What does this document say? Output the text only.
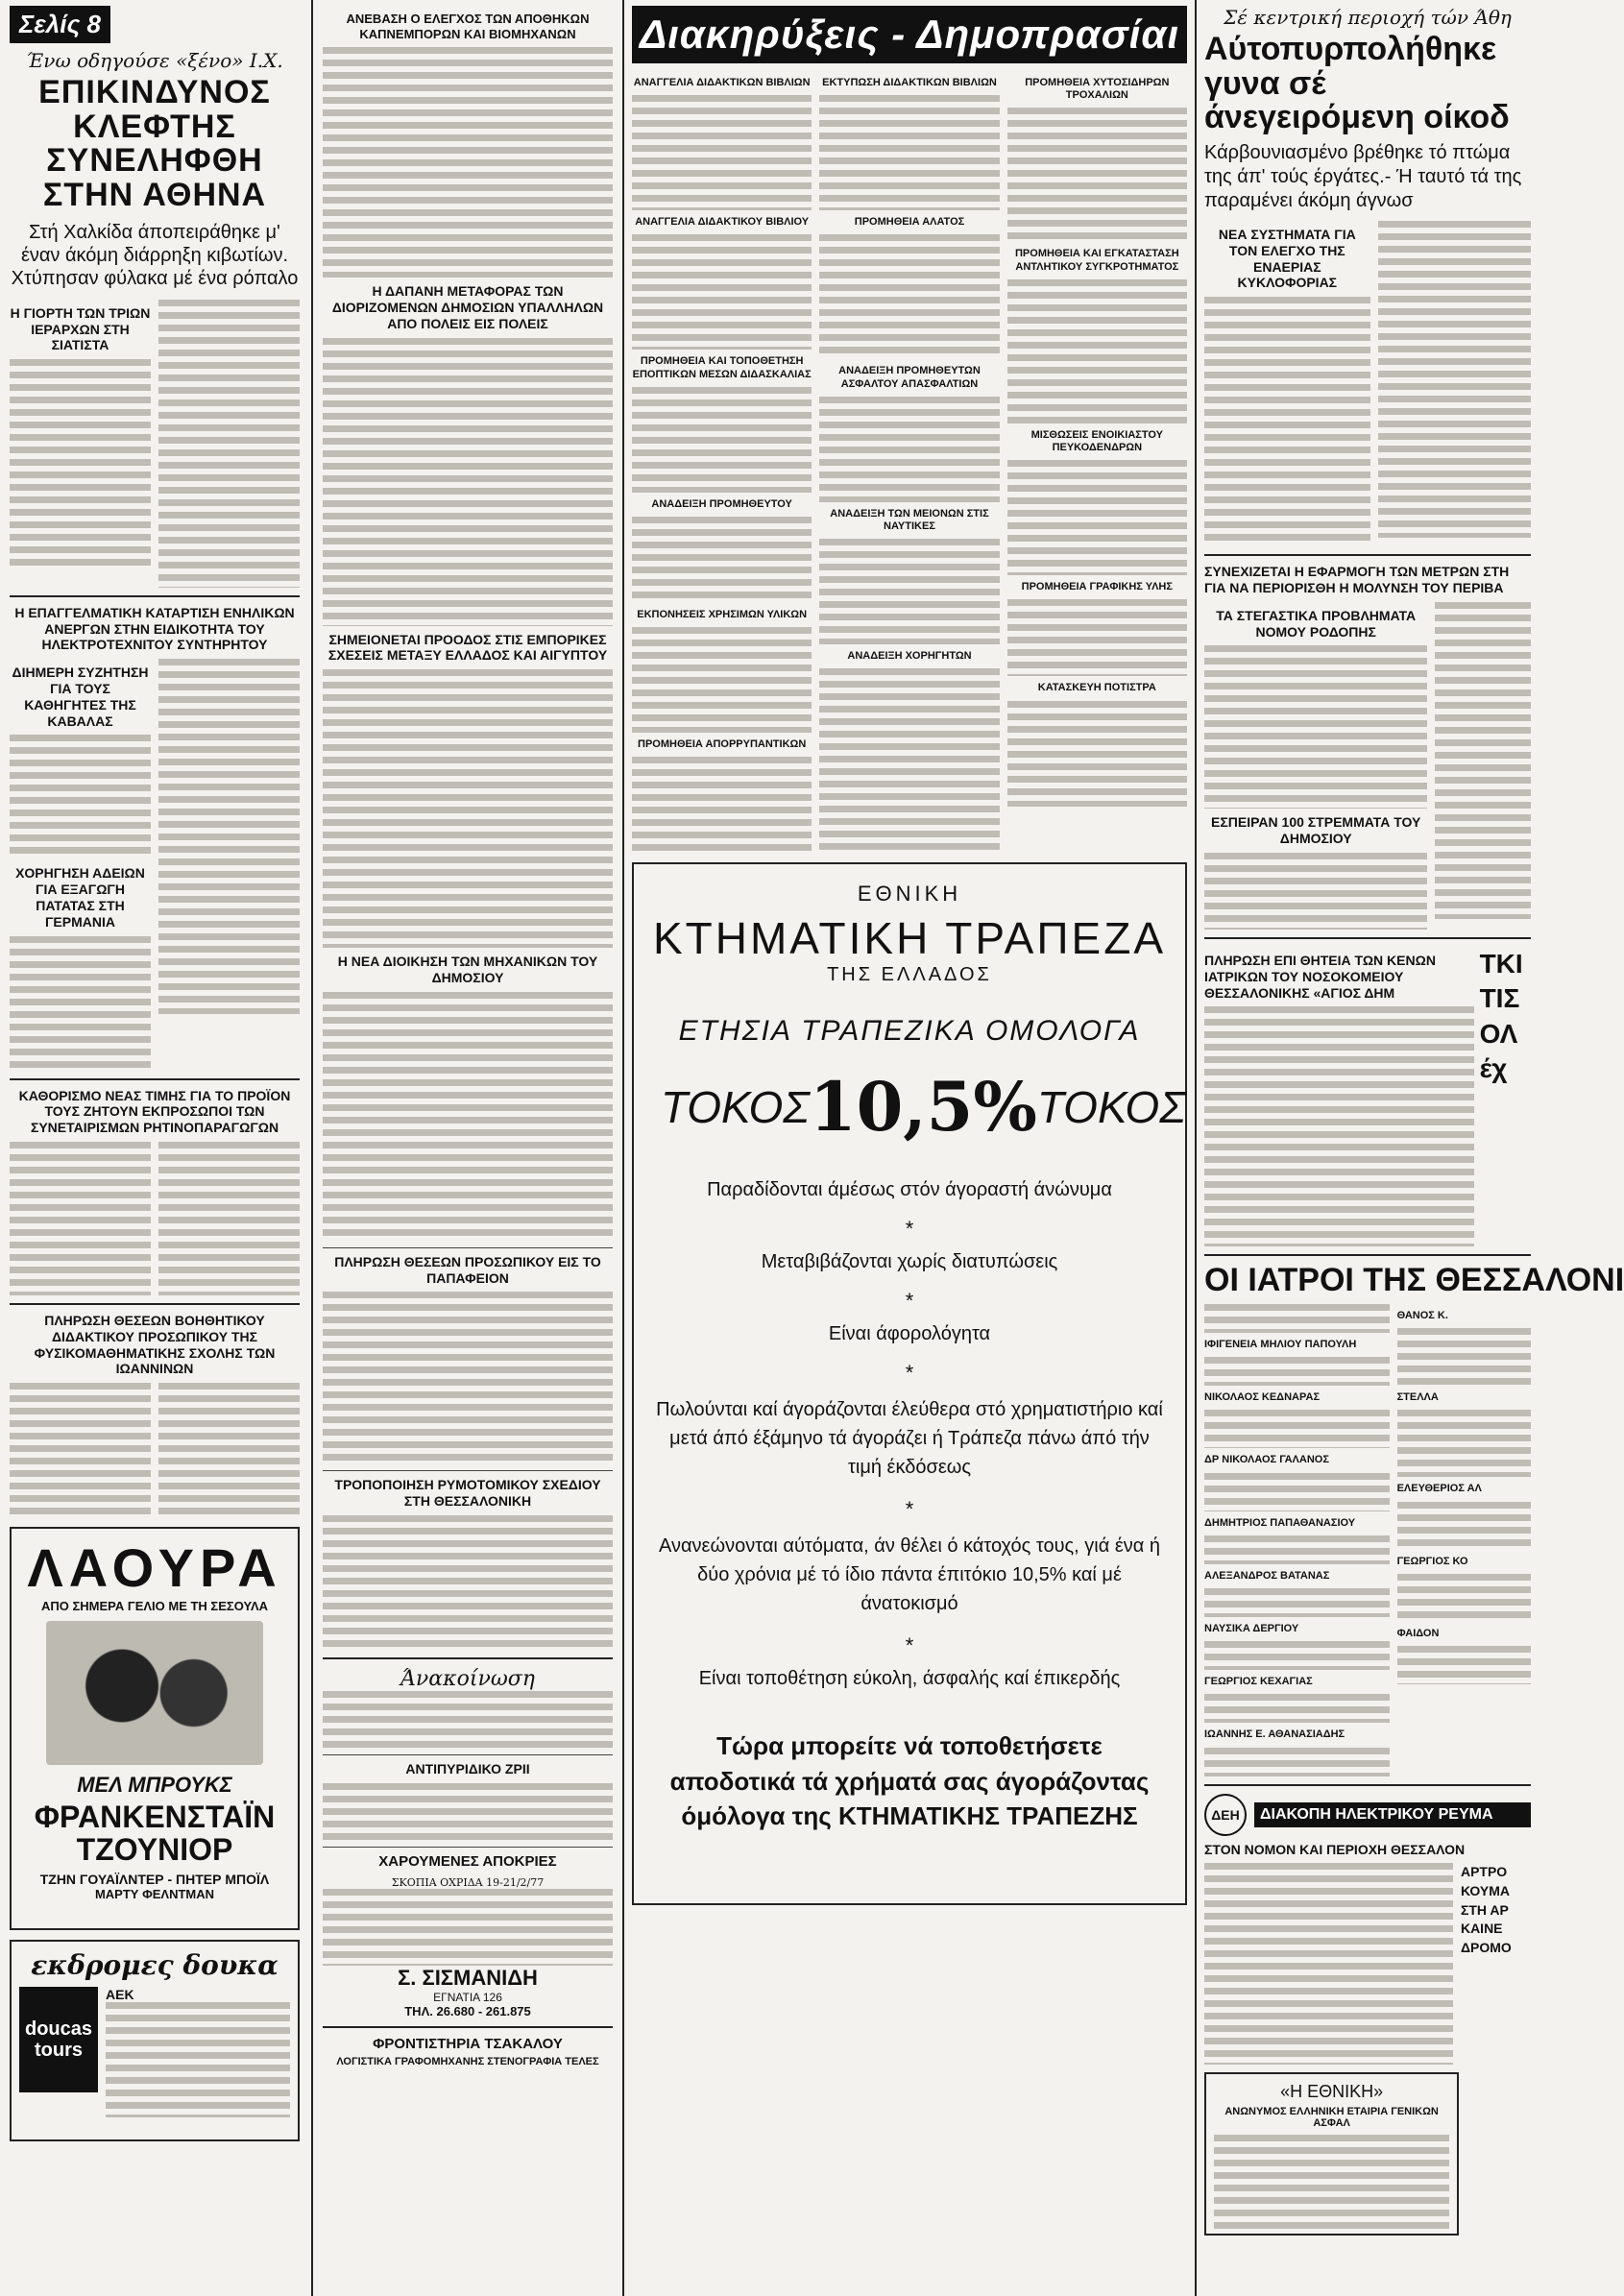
Σελίς 8
Ένω οδηγούσε «ξένο» Ι.Χ.
ΕΠΙΚΙΝΔΥΝΟΣ ΚΛΕΦΤΗΣ ΣΥΝΕΛΗΦΘΗ ΣΤΗΝ ΑΘΗΝΑ
Στή Χαλκίδα άποπειράθηκε μ' έναν άκόμη διάρρηξη κιβωτίων. Χτύπησαν φύλακα μέ ένα ρόπαλο
Η ΓΙΟΡΤΗ ΤΩΝ ΤΡΙΩΝ ΙΕΡΑΡΧΩΝ ΣΤΗ ΣΙΑΤΙΣΤΑ
Η ΕΠΑΓΓΕΛΜΑΤΙΚΗ ΚΑΤΑΡΤΙΣΗ ΕΝΗΛΙΚΩΝ ΑΝΕΡΓΩΝ ΣΤΗΝ ΕΙΔΙΚΟΤΗΤΑ ΤΟΥ ΗΛΕΚΤΡΟΤΕΧΝΙΤΟΥ ΣΥΝΤΗΡΗΤΟΥ
ΔΙΗΜΕΡΗ ΣΥΖΗΤΗΣΗ ΓΙΑ ΤΟΥΣ ΚΑΘΗΓΗΤΕΣ ΤΗΣ ΚΑΒΑΛΑΣ
ΧΟΡΗΓΗΣΗ ΑΔΕΙΩΝ ΓΙΑ ΕΞΑΓΩΓΗ ΠΑΤΑΤΑΣ ΣΤΗ ΓΕΡΜΑΝΙΑ
ΚΑΘΟΡΙΣΜΟ ΝΕΑΣ ΤΙΜΗΣ ΓΙΑ ΤΟ ΠΡΟΪΟΝ ΤΟΥΣ ΖΗΤΟΥΝ ΕΚΠΡΟΣΩΠΟΙ ΤΩΝ ΣΥΝΕΤΑΙΡΙΣΜΩΝ ΡΗΤΙΝΟΠΑΡΑΓΩΓΩΝ
ΠΛΗΡΩΣΗ ΘΕΣΕΩΝ ΒΟΗΘΗΤΙΚΟΥ ΔΙΔΑΚΤΙΚΟΥ ΠΡΟΣΩΠΙΚΟΥ ΤΗΣ ΦΥΣΙΚΟΜΑΘΗΜΑΤΙΚΗΣ ΣΧΟΛΗΣ ΤΩΝ ΙΩΑΝΝΙΝΩΝ
ΛΑΟΥΡΑ
ΑΠΟ ΣΗΜΕΡΑ ΓΕΛΙΟ ΜΕ ΤΗ ΣΕΣΟΥΛΑ
ΜΕΛ ΜΠΡΟΥΚΣ
ΦΡΑΝΚΕΝΣΤΑΪΝ ΤΖΟΥΝΙΟΡ
ΤΖΗΝ ΓΟΥΑΪΛΝΤΕΡ - ΠΗΤΕΡ ΜΠΟΪΛ
ΜΑΡΤΥ ΦΕΛΝΤΜΑΝ
εκδρομες δουκα
doucas tours
ΑΕΚ
ΑΝΕΒΑΣΗ Ο ΕΛΕΓΧΟΣ ΤΩΝ ΑΠΟΘΗΚΩΝ ΚΑΠΝΕΜΠΟΡΩΝ ΚΑΙ ΒΙΟΜΗΧΑΝΩΝ
Η ΔΑΠΑΝΗ ΜΕΤΑΦΟΡΑΣ ΤΩΝ ΔΙΟΡΙΖΟΜΕΝΩΝ ΔΗΜΟΣΙΩΝ ΥΠΑΛΛΗΛΩΝ ΑΠΟ ΠΟΛΕΙΣ ΕΙΣ ΠΟΛΕΙΣ
ΣΗΜΕΙΟΝΕΤΑΙ ΠΡΟΟΔΟΣ ΣΤΙΣ ΕΜΠΟΡΙΚΕΣ ΣΧΕΣΕΙΣ ΜΕΤΑΞΥ ΕΛΛΑΔΟΣ ΚΑΙ ΑΙΓΥΠΤΟΥ
Η ΝΕΑ ΔΙΟΙΚΗΣΗ ΤΩΝ ΜΗΧΑΝΙΚΩΝ ΤΟΥ ΔΗΜΟΣΙΟΥ
ΠΛΗΡΩΣΗ ΘΕΣΕΩΝ ΠΡΟΣΩΠΙΚΟΥ ΕΙΣ ΤΟ ΠΑΠΑΦΕΙΟΝ
ΤΡΟΠΟΠΟΙΗΣΗ ΡΥΜΟΤΟΜΙΚΟΥ ΣΧΕΔΙΟΥ ΣΤΗ ΘΕΣΣΑΛΟΝΙΚΗ
Άνακοίνωση
ΑΝΤΙΠΥΡΙΔΙΚΟ ΖΡΙΙ
ΧΑΡΟΥΜΕΝΕΣ ΑΠΟΚΡΙΕΣ
ΣΚΟΠΙΑ ΟΧΡΙΔΑ 19-21/2/77
Σ. ΣΙΣΜΑΝΙΔΗ
ΕΓΝΑΤΙΑ 126
ΤΗΛ. 26.680 - 261.875
ΦΡΟΝΤΙΣΤΗΡΙΑ ΤΣΑΚΑΛΟΥ
ΛΟΓΙΣΤΙΚΑ ΓΡΑΦΟΜΗΧΑΝΗΣ ΣΤΕΝΟΓΡΑΦΙΑ ΤΕΛΕΣ
Διακηρύξεις - Δημοπρασίαι
ΑΝΑΓΓΕΛΙΑ ΔΙΔΑΚΤΙΚΩΝ ΒΙΒΛΙΩΝ
ΑΝΑΓΓΕΛΙΑ ΔΙΔΑΚΤΙΚΟΥ ΒΙΒΛΙΟΥ
ΠΡΟΜΗΘΕΙΑ ΚΑΙ ΤΟΠΟΘΕΤΗΣΗ ΕΠΟΠΤΙΚΩΝ ΜΕΣΩΝ ΔΙΔΑΣΚΑΛΙΑΣ
ΑΝΑΔΕΙΞΗ ΠΡΟΜΗΘΕΥΤΟΥ
ΕΚΠΟΝΗΣΕΙΣ ΧΡΗΣΙΜΩΝ ΥΛΙΚΩΝ
ΠΡΟΜΗΘΕΙΑ ΑΠΟΡΡΥΠΑΝΤΙΚΩΝ
ΕΚΤΥΠΩΣΗ ΔΙΔΑΚΤΙΚΩΝ ΒΙΒΛΙΩΝ
ΠΡΟΜΗΘΕΙΑ ΑΛΑΤΟΣ
ΑΝΑΔΕΙΞΗ ΠΡΟΜΗΘΕΥΤΩΝ ΑΣΦΑΛΤΟΥ ΑΠΑΣΦΑΛΤΙΩΝ
ΑΝΑΔΕΙΞΗ ΤΩΝ ΜΕΙΟΝΩΝ ΣΤΙΣ ΝΑΥΤΙΚΕΣ
ΑΝΑΔΕΙΞΗ ΧΟΡΗΓΗΤΩΝ
ΠΡΟΜΗΘΕΙΑ ΧΥΤΟΣΙΔΗΡΩΝ ΤΡΟΧΑΛΙΩΝ
ΠΡΟΜΗΘΕΙΑ ΚΑΙ ΕΓΚΑΤΑΣΤΑΣΗ ΑΝΤΛΗΤΙΚΟΥ ΣΥΓΚΡΟΤΗΜΑΤΟΣ
ΜΙΣΘΩΣΕΙΣ ΕΝΟΙΚΙΑΣΤΟΥ ΠΕΥΚΟΔΕΝΔΡΩΝ
ΠΡΟΜΗΘΕΙΑ ΓΡΑΦΙΚΗΣ ΥΛΗΣ
ΚΑΤΑΣΚΕΥΗ ΠΟΤΙΣΤΡΑ
ΕΘΝΙΚΗ
ΚΤΗΜΑΤΙΚΗ ΤΡΑΠΕΖΑ
ΤΗΣ ΕΛΛΑΔΟΣ
ΕΤΗΣΙΑ ΤΡΑΠΕΖΙΚΑ ΟΜΟΛΟΓΑ
ΤΟΚΟΣ 10,5% ΤΟΚΟΣ
Παραδίδονται άμέσως στόν άγοραστή άνώνυμα
*
Μεταβιβάζονται χωρίς διατυπώσεις
*
Είναι άφορολόγητα
*
Πωλούνται καί άγοράζονται έλεύθερα στό χρηματιστήριο καί μετά άπό έξάμηνο τά άγοράζει ή Τράπεζα πάνω άπό τήν τιμή έκδόσεως
*
Ανανεώνονται αύτόματα, άν θέλει ό κάτοχός τους, γιά ένα ή δύο χρόνια μέ τό ίδιο πάντα έπιτόκιο 10,5% καί μέ άνατοκισμό
*
Είναι τοποθέτηση εύκολη, άσφαλής καί έπικερδής
Τώρα μπορείτε νά τοποθετήσετε αποδοτικά τά χρήματά σας άγοράζοντας όμόλογα της ΚΤΗΜΑΤΙΚΗΣ ΤΡΑΠΕΖΗΣ
Σέ κεντρική περιοχή τών Άθη
Αύτοπυρπολήθηκε γυνα σέ άνεγειρόμενη οίκοδ
Κάρβουνιασμένο βρέθηκε τό πτώμα της άπ' τούς έργάτες.- Ή ταυτό τά της παραμένει άκόμη άγνωσ
ΝΕΑ ΣΥΣΤΗΜΑΤΑ ΓΙΑ ΤΟΝ ΕΛΕΓΧΟ ΤΗΣ ΕΝΑΕΡΙΑΣ ΚΥΚΛΟΦΟΡΙΑΣ
ΣΥΝΕΧΙΖΕΤΑΙ Η ΕΦΑΡΜΟΓΗ ΤΩΝ ΜΕΤΡΩΝ ΣΤΗ ΓΙΑ ΝΑ ΠΕΡΙΟΡΙΣΘΗ Η ΜΟΛΥΝΣΗ ΤΟΥ ΠΕΡΙΒΑ
ΤΑ ΣΤΕΓΑΣΤΙΚΑ ΠΡΟΒΛΗΜΑΤΑ ΝΟΜΟΥ ΡΟΔΟΠΗΣ
ΕΣΠΕΙΡΑΝ 100 ΣΤΡΕΜΜΑΤΑ ΤΟΥ ΔΗΜΟΣΙΟΥ
ΠΛΗΡΩΣΗ ΕΠΙ ΘΗΤΕΙΑ ΤΩΝ ΚΕΝΩΝ ΙΑΤΡΙΚΩΝ ΤΟΥ ΝΟΣΟΚΟΜΕΙΟΥ ΘΕΣΣΑΛΟΝΙΚΗΣ «ΑΓΙΟΣ ΔΗΜ
ΤΚΙ
ΤΙΣ
ΟΛ
έχ
ΟΙ ΙΑΤΡΟΙ ΤΗΣ ΘΕΣΣΑΛΟΝΙ
ΙΦΙΓΕΝΕΙΑ ΜΗΛΙΟΥ ΠΑΠΟΥΛΗ
ΝΙΚΟΛΑΟΣ ΚΕΔΝΑΡΑΣ
ΔΡ ΝΙΚΟΛΑΟΣ ΓΑΛΑΝΟΣ
ΔΗΜΗΤΡΙΟΣ ΠΑΠΑΘΑΝΑΣΙΟΥ
ΑΛΕΞΑΝΔΡΟΣ ΒΑΤΑΝΑΣ
ΝΑΥΣΙΚΑ ΔΕΡΓΙΟΥ
ΓΕΩΡΓΙΟΣ ΚΕΧΑΓΙΑΣ
ΙΩΑΝΝΗΣ Ε. ΑΘΑΝΑΣΙΑΔΗΣ
ΘΑΝΟΣ Κ.
ΣΤΕΛΛΑ
ΕΛΕΥΘΕΡΙΟΣ ΑΛ
ΓΕΩΡΓΙΟΣ ΚΟ
ΦΑΙΔΟΝ
ΔΕΗ	ΔΙΑΚΟΠΗ ΗΛΕΚΤΡΙΚΟΥ ΡΕΥΜΑ
ΣΤΟΝ ΝΟΜΟΝ ΚΑΙ ΠΕΡΙΟΧΗ ΘΕΣΣΑΛΟΝ
ΑΡΤΡΟ
ΚΟΥΜΑ
ΣΤΗ ΑΡ
ΚΑΙΝΕ
ΔΡΟΜΟ
«Η ΕΘΝΙΚΗ»
ΑΝΩΝΥΜΟΣ ΕΛΛΗΝΙΚΗ ΕΤΑΙΡΙΑ ΓΕΝΙΚΩΝ ΑΣΦΑΛ
